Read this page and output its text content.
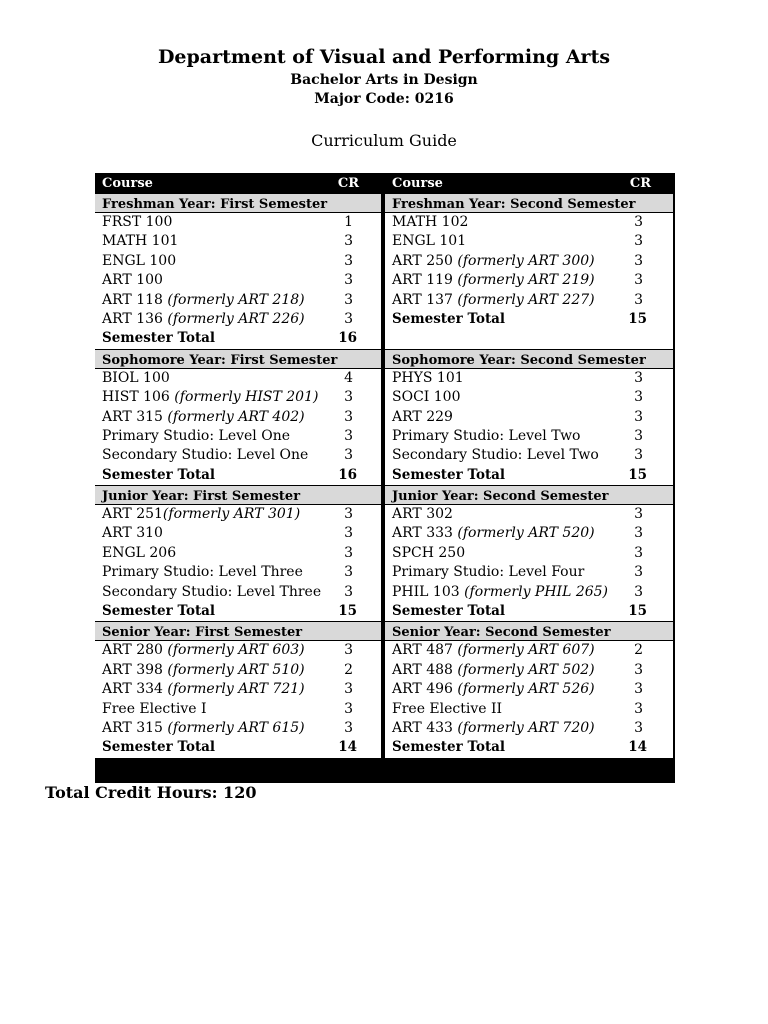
Department of Visual and Performing Arts
Bachelor Arts in Design
Major Code: 0216
Curriculum Guide
Course	CR
Freshman Year: First Semester
FRST 100	1
MATH 101	3
ENGL 100	3
ART 100	3
ART 118 (formerly ART 218)	3
ART 136 (formerly ART 226)	3
Semester Total	16
Sophomore Year: First Semester
BIOL 100	4
HIST 106 (formerly HIST 201) 3
ART 315 (formerly ART 402)	3
Primary Studio: Level One	3
Secondary Studio: Level One	3
Semester Total	16
Junior Year: First Semester
ART 251(formerly ART 301)	3
ART 310	3
ENGL 206	3
Primary Studio: Level Three	3
Secondary Studio: Level Three 3
Semester Total	15
Senior Year: First Semester
ART 280 (formerly ART 603)	3
ART 398 (formerly ART 510)	2
ART 334 (formerly ART 721)	3
Free Elective I	3
ART 315 (formerly ART 615)	3
Semester Total	14
Course	CR
Freshman Year: Second Semester
MATH 102	3
ENGL 101	3
ART 250 (formerly ART 300)	3
ART 119 (formerly ART 219)	3
ART 137 (formerly ART 227)	3
Semester Total	15
Sophomore Year: Second Semester
PHYS 101	3
SOCI 100	3
ART 229	3
Primary Studio: Level Two	3
Secondary Studio: Level Two	3
Semester Total	15
Junior Year: Second Semester
ART 302	3
ART 333 (formerly ART 520)	3
SPCH 250	3
Primary Studio: Level Four	3
PHIL 103 (formerly PHIL 265) 3
Semester Total	15
Senior Year: Second Semester
ART 487 (formerly ART 607)	2
ART 488 (formerly ART 502)	3
ART 496 (formerly ART 526)	3
Free Elective II	3
ART 433 (formerly ART 720)	3
Semester Total	14
Total Credit Hours: 120
